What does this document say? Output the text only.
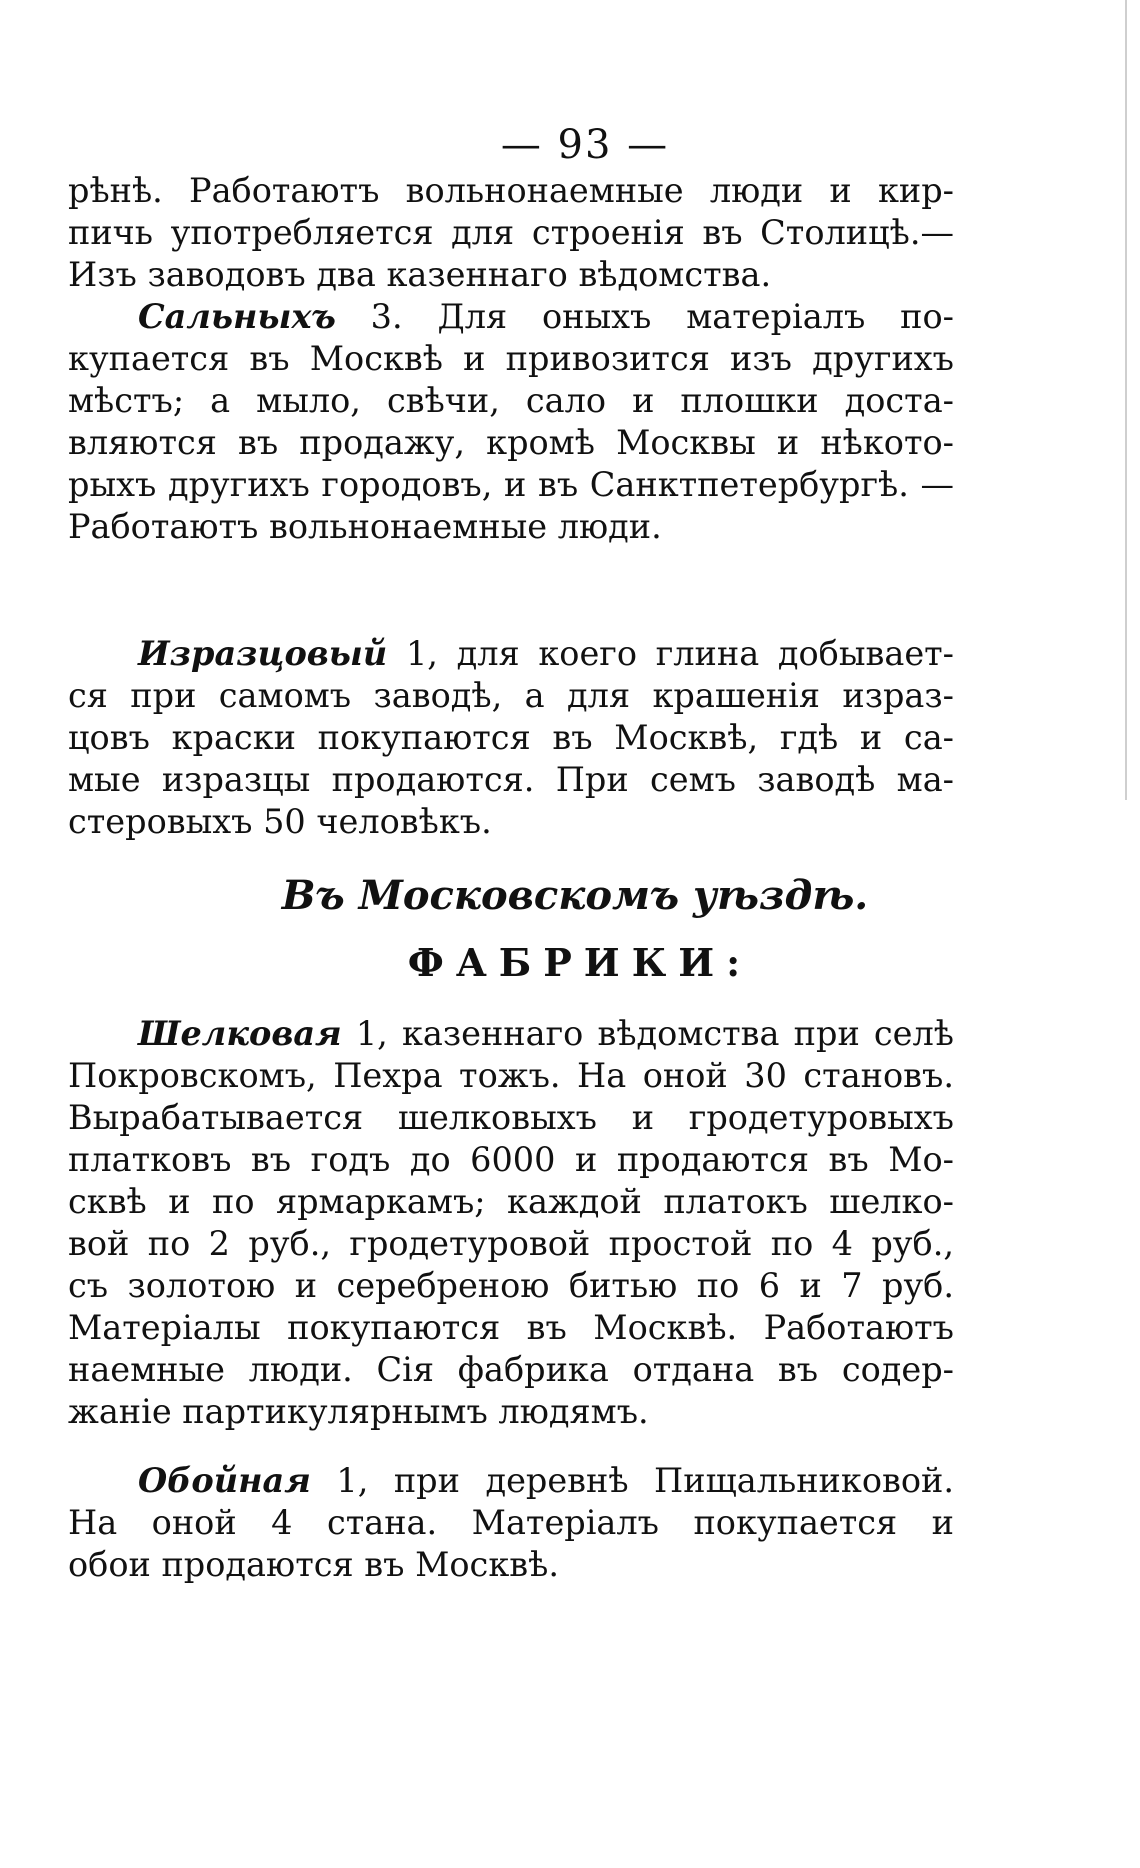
— 93 —
рѣнѣ. Работаютъ вольнонаемные люди и кир-
пичь употребляется для строенія въ Столицѣ.—
Изъ заводовъ два казеннаго вѣдомства.
Сальныхъ 3. Для оныхъ матеріалъ по-
купается въ Москвѣ и привозится изъ другихъ
мѣстъ; а мыло, свѣчи, сало и плошки доста-
вляются въ продажу, кромѣ Москвы и нѣкото-
рыхъ другихъ городовъ, и въ Санктпетербургѣ. —
Работаютъ вольнонаемные люди.
Изразцовый 1, для коего глина добывает-
ся при самомъ заводѣ, а для крашенія израз-
цовъ краски покупаются въ Москвѣ, гдѣ и са-
мые изразцы продаются. При семъ заводѣ ма-
стеровыхъ 50 человѣкъ.
Въ Московскомъ уѣздѣ.
ФАБРИКИ:
Шелковая 1, казеннаго вѣдомства при селѣ
Покровскомъ, Пехра тожъ. На оной 30 становъ.
Вырабатывается шелковыхъ и гродетуровыхъ
платковъ въ годъ до 6000 и продаются въ Мо-
сквѣ и по ярмаркамъ; каждой платокъ шелко-
вой по 2 руб., гродетуровой простой по 4 руб.,
съ золотою и серебреною битью по 6 и 7 руб.
Матеріалы покупаются въ Москвѣ. Работаютъ
наемные люди. Сія фабрика отдана въ содер-
жаніе партикулярнымъ людямъ.
Обойная 1, при деревнѣ Пищальниковой.
На оной 4 стана. Матеріалъ покупается и
обои продаются въ Москвѣ.
